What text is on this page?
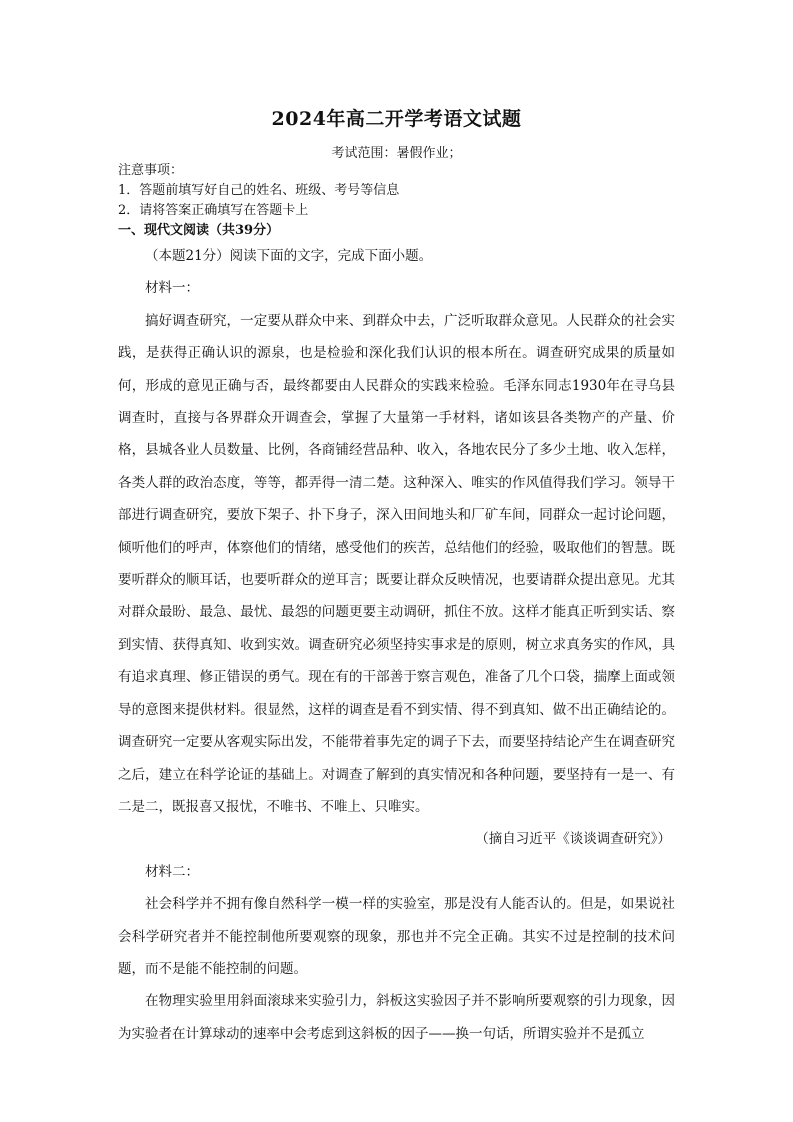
2024年高二开学考语文试题
考试范围：暑假作业；
注意事项：
1．答题前填写好自己的姓名、班级、考号等信息
2．请将答案正确填写在答题卡上
一、现代文阅读（共39分）

（本题21分）阅读下面的文字，完成下面小题。

材料一：

搞好调查研究，一定要从群众中来、到群众中去，广泛听取群众意见。人民群众的社会实践，是获得正确认识的源泉，也是检验和深化我们认识的根本所在。调查研究成果的质量如何，形成的意见正确与否，最终都要由人民群众的实践来检验。毛泽东同志1930年在寻乌县调查时，直接与各界群众开调查会，掌握了大量第一手材料，诸如该县各类物产的产量、价格，县城各业人员数量、比例，各商铺经营品种、收入，各地农民分了多少土地、收入怎样，各类人群的政治态度，等等，都弄得一清二楚。这种深入、唯实的作风值得我们学习。领导干部进行调查研究，要放下架子、扑下身子，深入田间地头和厂矿车间，同群众一起讨论问题，倾听他们的呼声，体察他们的情绪，感受他们的疾苦，总结他们的经验，吸取他们的智慧。既要听群众的顺耳话，也要听群众的逆耳言；既要让群众反映情况，也要请群众提出意见。尤其对群众最盼、最急、最忧、最怨的问题更要主动调研，抓住不放。这样才能真正听到实话、察到实情、获得真知、收到实效。调查研究必须坚持实事求是的原则，树立求真务实的作风，具有追求真理、修正错误的勇气。现在有的干部善于察言观色，准备了几个口袋，揣摩上面或领导的意图来提供材料。很显然，这样的调查是看不到实情、得不到真知、做不出正确结论的。调查研究一定要从客观实际出发，不能带着事先定的调子下去，而要坚持结论产生在调查研究之后，建立在科学论证的基础上。对调查了解到的真实情况和各种问题，要坚持有一是一、有二是二，既报喜又报忧，不唯书、不唯上、只唯实。

（摘自习近平《谈谈调查研究》）

材料二：

社会科学并不拥有像自然科学一模一样的实验室，那是没有人能否认的。但是，如果说社会科学研究者并不能控制他所要观察的现象，那也并不完全正确。其实不过是控制的技术问题，而不是能不能控制的问题。

在物理实验里用斜面滚球来实验引力，斜板这实验因子并不影响所要观察的引力现象，因为实验者在计算球动的速率中会考虑到这斜板的因子——换一句话，所谓实验并不是孤立
